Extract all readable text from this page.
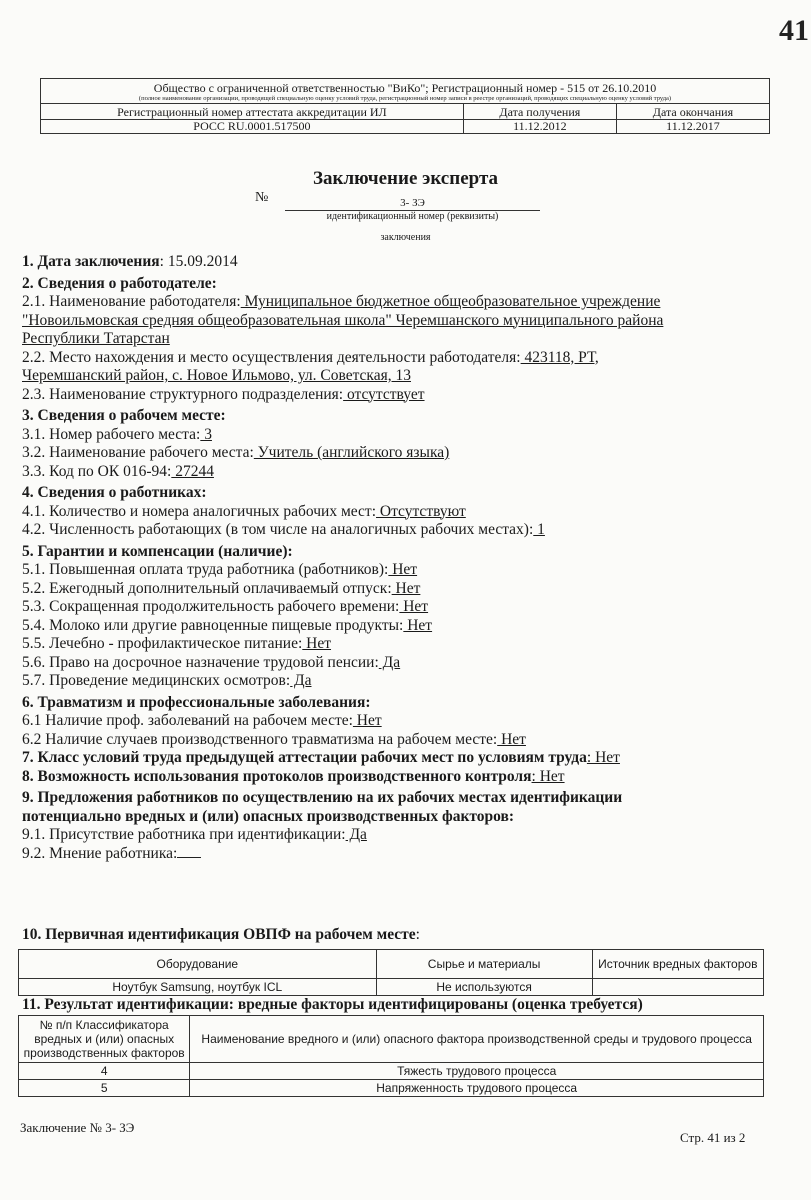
41
Общество с ограниченной ответственностью "ВиКо"; Регистрационный номер - 515 от 26.10.2010
(полное наименование организации, проводящей специальную оценку условий труда, регистрационный номер записи в реестре организаций, проводящих специальную оценку условий труда)		

Регистрационный номер аттестата аккредитации ИЛ	Дата получения	Дата окончания
РОСС RU.0001.517500	11.12.2012	11.12.2017
Заключение эксперта
№	3- ЗЭ
идентификационный номер (реквизиты)
заключения

1. Дата заключения: 15.09.2014

2. Сведения о работодателе:

2.1. Наименование работодателя: Муниципальное бюджетное общеобразовательное учреждение

"Новоильмовская средняя общеобразовательная школа" Черемшанского муниципального района

Республики Татарстан

2.2. Место нахождения и место осуществления деятельности работодателя: 423118, РТ,

Черемшанский район, с. Новое Ильмово, ул. Советская, 13

2.3. Наименование структурного подразделения: отсутствует

3. Сведения о рабочем месте:

3.1. Номер рабочего места: 3

3.2. Наименование рабочего места: Учитель (английского языка)

3.3. Код по ОК 016-94: 27244

4. Сведения о работниках:

4.1. Количество и номера аналогичных рабочих мест: Отсутствуют

4.2. Численность работающих (в том числе на аналогичных рабочих местах): 1

5. Гарантии и компенсации (наличие):

5.1. Повышенная оплата труда работника (работников): Нет

5.2. Ежегодный дополнительный оплачиваемый отпуск: Нет

5.3. Сокращенная продолжительность рабочего времени: Нет

5.4. Молоко или другие равноценные пищевые продукты: Нет

5.5. Лечебно - профилактическое питание: Нет

5.6. Право на досрочное назначение трудовой пенсии: Да

5.7. Проведение медицинских осмотров: Да

6. Травматизм и профессиональные заболевания:

6.1 Наличие проф. заболеваний на рабочем месте: Нет

6.2 Наличие случаев производственного травматизма на рабочем месте: Нет

7. Класс условий труда предыдущей аттестации рабочих мест по условиям труда: Нет

8. Возможность использования протоколов производственного контроля: Нет

9. Предложения работников по осуществлению на их рабочих местах идентификации

потенциально вредных и (или) опасных производственных факторов:

9.1. Присутствие работника при идентификации: Да

9.2. Мнение работника:

10. Первичная идентификация ОВПФ на рабочем месте:
Оборудование	Сырье и материалы	Источник вредных факторов
Ноутбук Samsung, ноутбук ICL	Не используются	
11. Результат идентификации: вредные факторы идентифицированы (оценка требуется)
№ п/п Классификатора вредных и (или) опасных производственных факторов	Наименование вредного и (или) опасного фактора производственной среды и трудового процесса
4	Тяжесть трудового процесса
5	Напряженность трудового процесса
Заключение № 3- ЗЭ
Стр. 41 из 2
